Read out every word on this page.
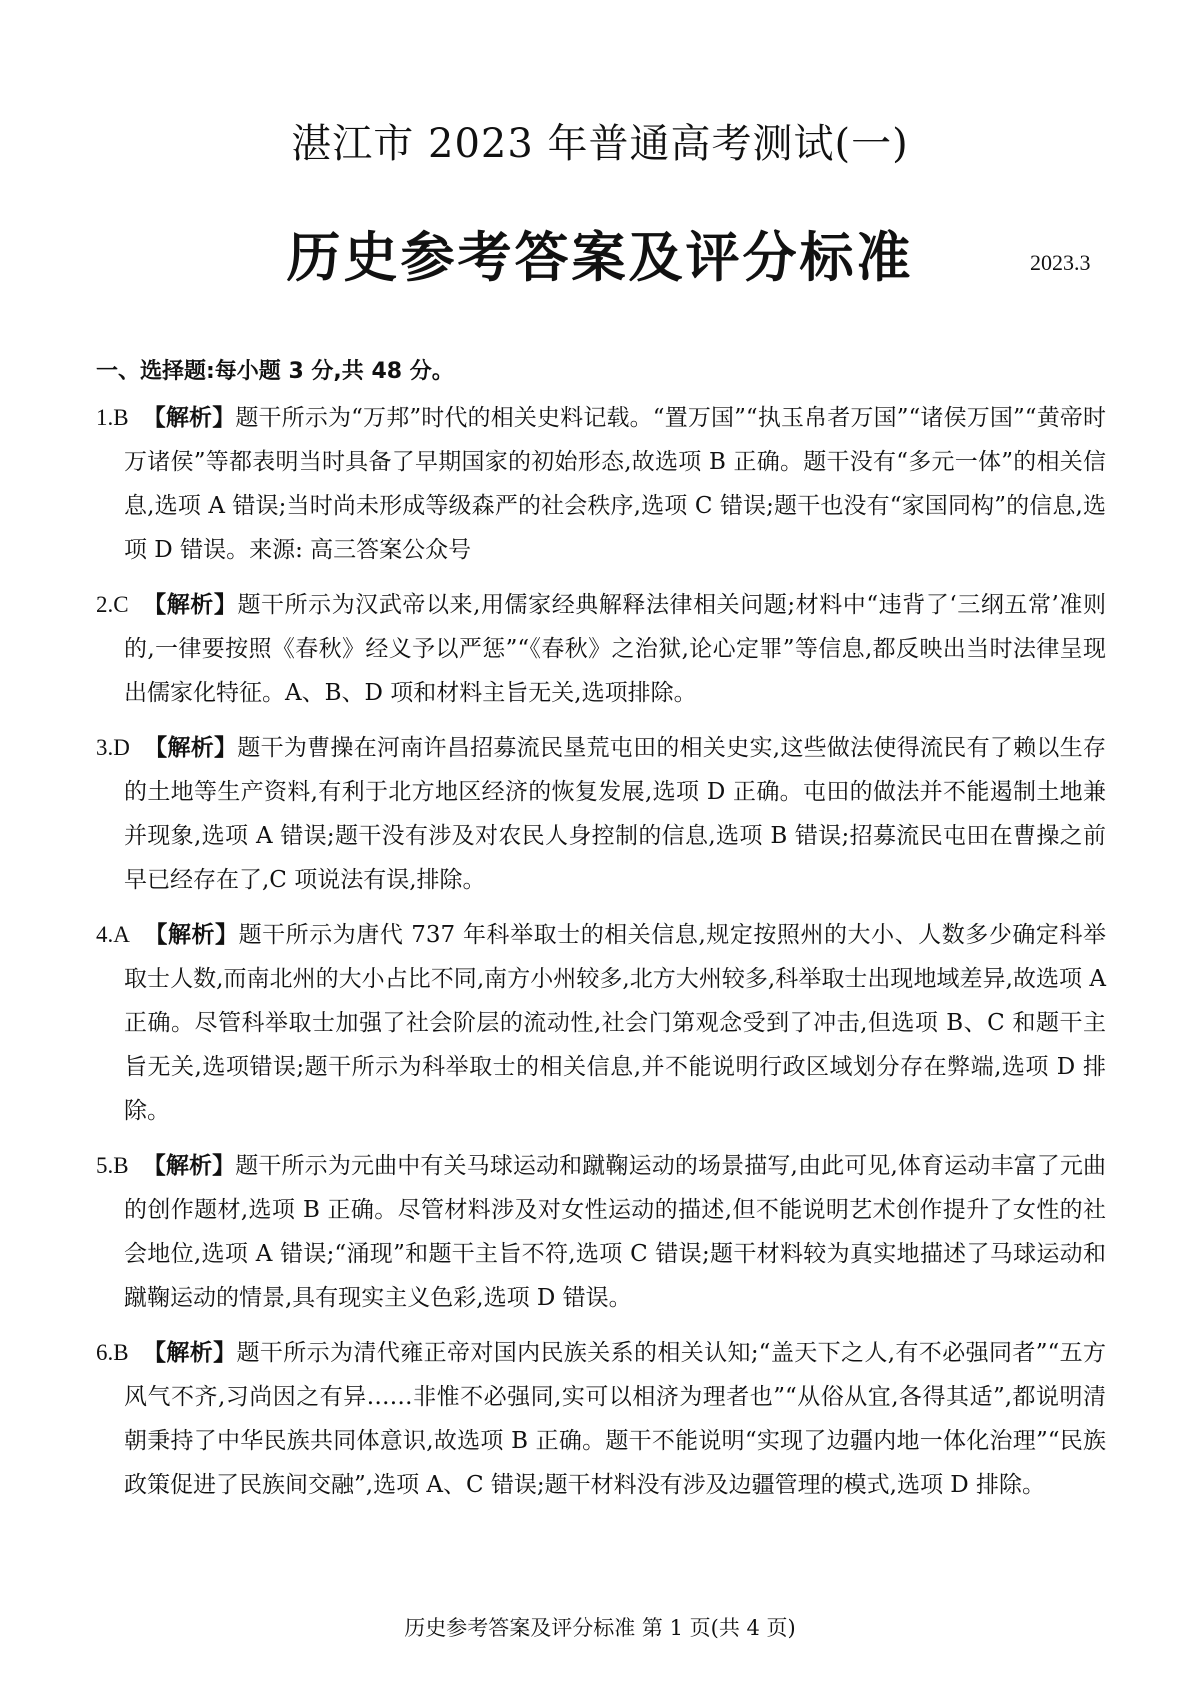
湛江市 2023 年普通高考测试(一)
历史参考答案及评分标准	2023.3
一、选择题:每小题 3 分,共 48 分。
1.B 【解析】题干所示为“万邦”时代的相关史料记载。“置万国”“执玉帛者万国”“诸侯万国”“黄帝时万诸侯”等都表明当时具备了早期国家的初始形态,故选项 B 正确。题干没有“多元一体”的相关信息,选项 A 错误;当时尚未形成等级森严的社会秩序,选项 C 错误;题干也没有“家国同构”的信息,选项 D 错误。来源: 高三答案公众号
2.C 【解析】题干所示为汉武帝以来,用儒家经典解释法律相关问题;材料中“违背了‘三纲五常’准则的,一律要按照《春秋》经义予以严惩”“《春秋》之治狱,论心定罪”等信息,都反映出当时法律呈现出儒家化特征。A、B、D 项和材料主旨无关,选项排除。
3.D 【解析】题干为曹操在河南许昌招募流民垦荒屯田的相关史实,这些做法使得流民有了赖以生存的土地等生产资料,有利于北方地区经济的恢复发展,选项 D 正确。屯田的做法并不能遏制土地兼并现象,选项 A 错误;题干没有涉及对农民人身控制的信息,选项 B 错误;招募流民屯田在曹操之前早已经存在了,C 项说法有误,排除。
4.A 【解析】题干所示为唐代 737 年科举取士的相关信息,规定按照州的大小、人数多少确定科举取士人数,而南北州的大小占比不同,南方小州较多,北方大州较多,科举取士出现地域差异,故选项 A 正确。尽管科举取士加强了社会阶层的流动性,社会门第观念受到了冲击,但选项 B、C 和题干主旨无关,选项错误;题干所示为科举取士的相关信息,并不能说明行政区域划分存在弊端,选项 D 排除。
5.B 【解析】题干所示为元曲中有关马球运动和蹴鞠运动的场景描写,由此可见,体育运动丰富了元曲的创作题材,选项 B 正确。尽管材料涉及对女性运动的描述,但不能说明艺术创作提升了女性的社会地位,选项 A 错误;“涌现”和题干主旨不符,选项 C 错误;题干材料较为真实地描述了马球运动和蹴鞠运动的情景,具有现实主义色彩,选项 D 错误。
6.B 【解析】题干所示为清代雍正帝对国内民族关系的相关认知;“盖天下之人,有不必强同者”“五方风气不齐,习尚因之有异……非惟不必强同,实可以相济为理者也”“从俗从宜,各得其适”,都说明清朝秉持了中华民族共同体意识,故选项 B 正确。题干不能说明“实现了边疆内地一体化治理”“民族政策促进了民族间交融”,选项 A、C 错误;题干材料没有涉及边疆管理的模式,选项 D 排除。
历史参考答案及评分标准 第 1 页(共 4 页)
